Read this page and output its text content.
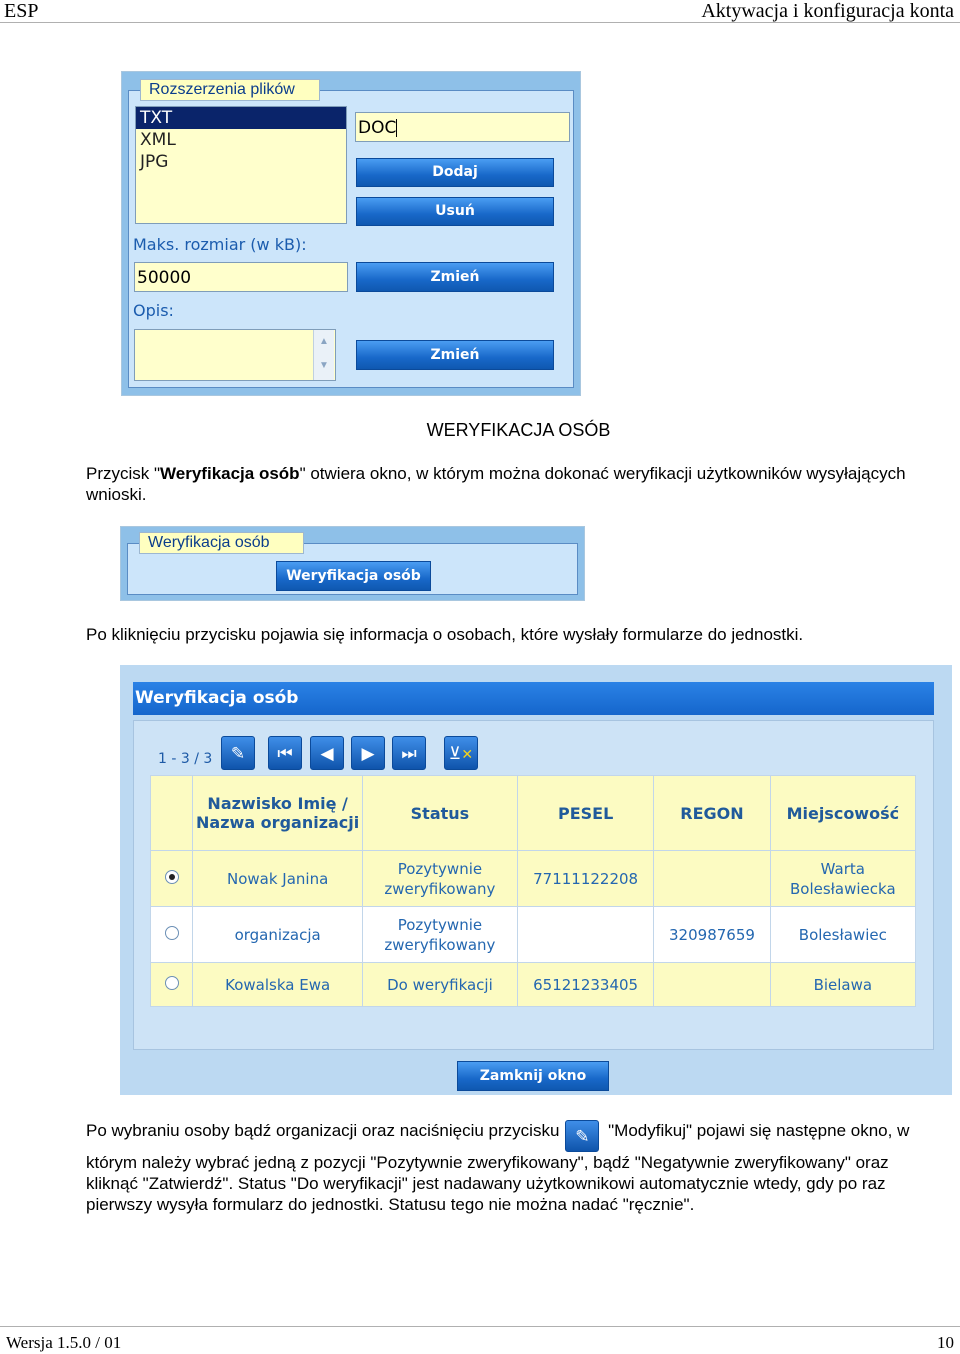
ESP	Aktywacja i konfiguracja konta
Rozszerzenia plików
TXT
XML
JPG
DOC
Dodaj
Usuń
Maks. rozmiar (w kB):
50000	Zmień
Opis:
▲
▼
Zmień
WERYFIKACJA OSÓB

Przycisk "Weryfikacja osób" otwiera okno, w którym można dokonać weryfikacji użytkowników wysyłających wnioski.

Weryfikacja osób
Weryfikacja osób

Po kliknięciu przycisku pojawia się informacja o osobach, które wysłały formularze do jednostki.

Weryfikacja osób
1 - 3 / 3	✎	⏮	◀	▶	⏭	⊻✕
	Nazwisko Imię / Nazwa organizacji	Status	PESEL	REGON	Miejscowość
	Nowak Janina	Pozytywnie zweryfikowany	77111122208		Warta Bolesławiecka
	organizacja	Pozytywnie zweryfikowany		320987659	Bolesławiec
	Kowalska Ewa	Do weryfikacji	65121233405		Bielawa
Zamknij okno

Po wybraniu osoby bądź organizacji oraz naciśnięciu przycisku ✎ "Modyfikuj" pojawi się następne okno, w którym należy wybrać jedną z pozycji "Pozytywnie zweryfikowany", bądź "Negatywnie zweryfikowany" oraz kliknąć "Zatwierdź". Status "Do weryfikacji" jest nadawany użytkownikowi automatycznie wtedy, gdy po raz pierwszy wysyła formularz do jednostki. Statusu tego nie można nadać "ręcznie".

Wersja 1.5.0 / 01	10
